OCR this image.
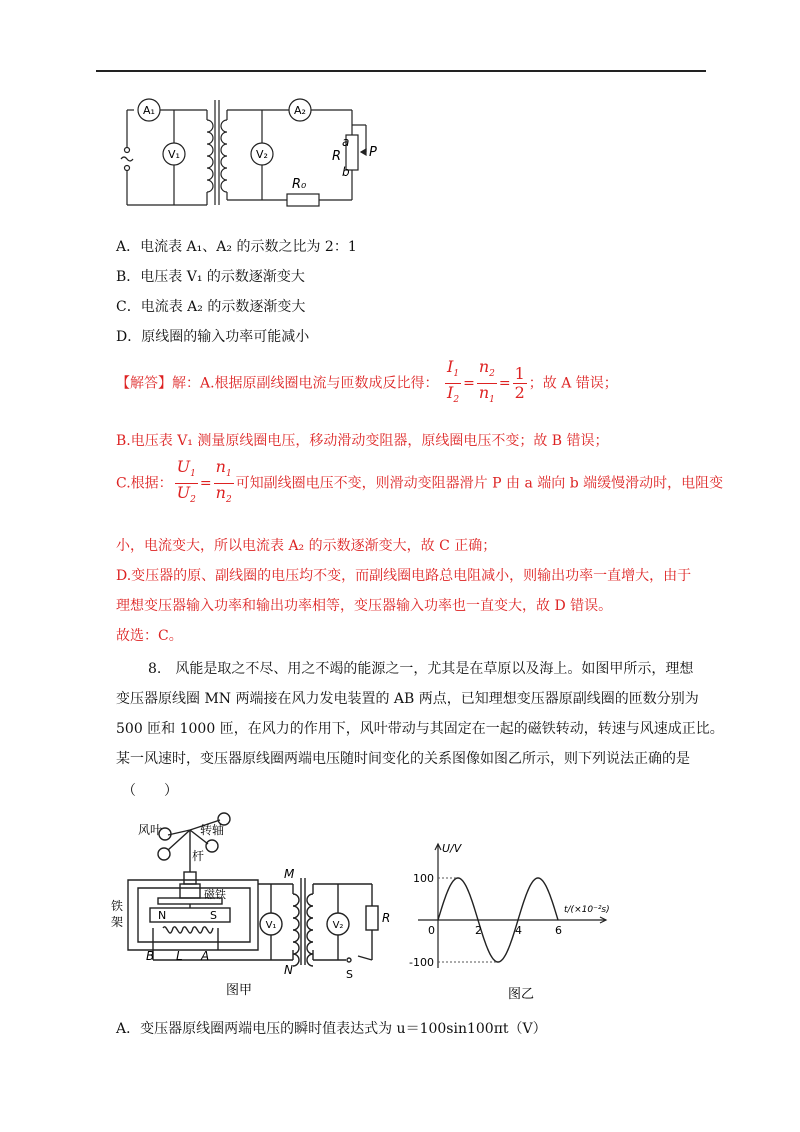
A₁
V₁	V₂
A₂
R
a
b
P
R₀
A．电流表 A₁、A₂ 的示数之比为 2：1
B．电压表 V₁ 的示数逐渐变大
C．电流表 A₂ 的示数逐渐变大
D．原线圈的输入功率可能减小
【解答】解：A.根据原副线圈电流与匝数成反比得： $\frac{I_1}{I_2} = \frac{n_2}{n_1} = \frac{1}{2}$ ；故 A 错误；
B.电压表 V₁ 测量原线圈电压，移动滑动变阻器，原线圈电压不变；故 B 错误；
C.根据： $\frac{U_1}{U_2} = \frac{n_1}{n_2}$ 可知副线圈电压不变，则滑动变阻器滑片 P 由 a 端向 b 端缓慢滑动时，电阻变
小，电流变大，所以电流表 A₂ 的示数逐渐变大，故 C 正确；
D.变压器的原、副线圈的电压均不变，而副线圈电路总电阻减小，则输出功率一直增大，由于
理想变压器输入功率和输出功率相等，变压器输入功率也一直变大，故 D 错误。
故选：C。
8.　风能是取之不尽、用之不竭的能源之一，尤其是在草原以及海上。如图甲所示，理想
变压器原线圈 MN 两端接在风力发电装置的 AB 两点，已知理想变压器原副线圈的匝数分别为
500 匝和 1000 匝，在风力的作用下，风叶带动与其固定在一起的磁铁转动，转速与风速成正比。
某一风速时，变压器原线圈两端电压随时间变化的关系图像如图乙所示，则下列说法正确的是
（　　）
风叶	转轴
杆
磁铁
铁
架	N	S
B L A
M
N
V₁	V₂
R
S
图甲
U/V
t/(×10⁻²s)
图乙
0	2	4	6
100
-100
A．变压器原线圈两端电压的瞬时值表达式为 u＝100sin100πt（V）
